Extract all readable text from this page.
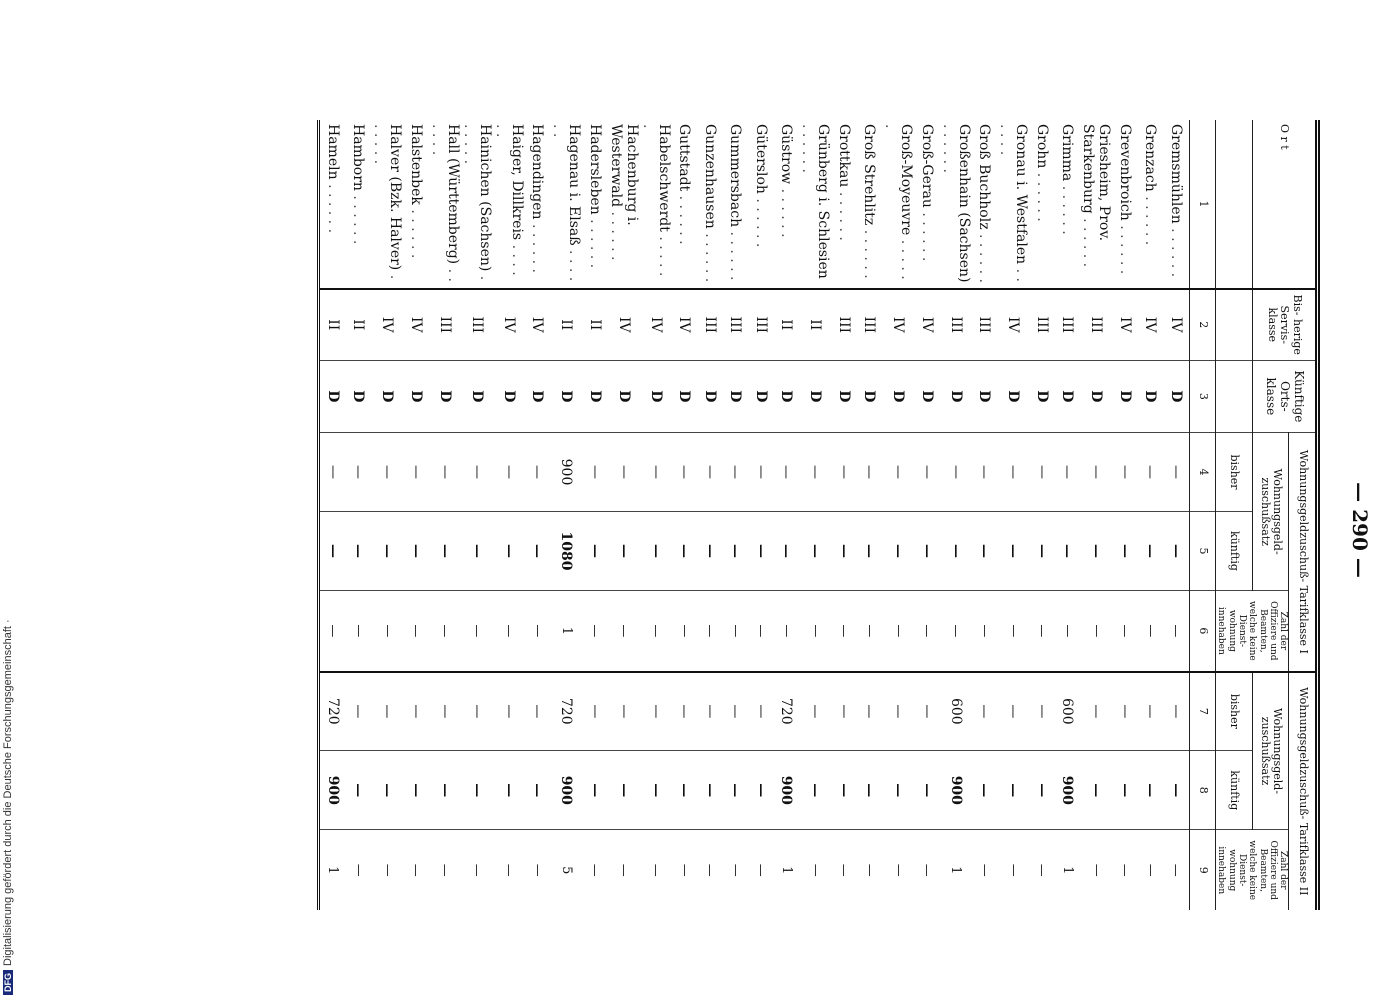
— 290 —
O r t	Bis- herige Servis- klasse	Künftige Orts- klasse	Wohnungsgeldzuschuß- Tarifklasse I			Wohnungsgeldzuschuß- Tarifklasse II		
			Wohnungsgeld- zuschußsatz		Zahl der Offiziere und Beamten, welche keine Dienst- wohnung innehaben	Wohnungsgeld- zuschußsatz		Zahl der Offiziere und Beamten, welche keine Dienst- wohnung innehaben
			bisher	künftig		bisher	künftig	
1	2	3	4	5	6	7	8	9
Gremsmühlen . . . . . .	IV	D	—	—	—	—	—	—
Grenzach . . . . . .	IV	D	—	—	—	—	—	—
Grevenbroich . . . . . .	IV	D	—	—	—	—	—	—
Griesheim, Prov. Starkenburg . . . . . .	III	D	—	—	—	—	—	—
Grimma . . . . . .	III	D	—	—	—	600	900	1
Grohn . . . . . .	III	D	—	—	—	—	—	—
Gronau i. Westfalen . . . . . .	IV	D	—	—	—	—	—	—
Groß Buchholz . . . . . .	III	D	—	—	—	—	—	—
Großenhain (Sachsen) . . . . . .	III	D	—	—	—	600	900	1
Groß-Gerau . . . . . .	IV	D	—	—	—	—	—	—
Groß-Moyeuvre . . . . . .	IV	D	—	—	—	—	—	—
Groß Strehlitz . . . . . .	III	D	—	—	—	—	—	—
Grottkau . . . . . .	III	D	—	—	—	—	—	—
Grünberg i. Schlesien . . . . . .	II	D	—	—	—	—	—	—
Güstrow . . . . . .	II	D	—	—	—	720	900	1
Gütersloh . . . . . .	III	D	—	—	—	—	—	—
Gummersbach . . . . . .	III	D	—	—	—	—	—	—
Gunzenhausen . . . . . .	III	D	—	—	—	—	—	—
Guttstadt . . . . . .	IV	D	—	—	—	—	—	—
Habelschwerdt . . . . . .	IV	D	—	—	—	—	—	—
Hachenburg i. Westerwald . . . . . .	IV	D	—	—	—	—	—	—
Hadersleben . . . . . .	II	D	—	—	—	—	—	—
Hagenau i. Elsaß . . . . . .	II	D	900	1080	1	720	900	5
Hagendingen . . . . . .	IV	D	—	—	—	—	—	—
Haiger, Dillkreis . . . . . .	IV	D	—	—	—	—	—	—
Hainichen (Sachsen) . . . . . .	III	D	—	—	—	—	—	—
Hall (Württemberg) . . . . . .	III	D	—	—	—	—	—	—
Halstenbek . . . . . .	IV	D	—	—	—	—	—	—
Halver (Bzk. Halver) . . . . . .	IV	D	—	—	—	—	—	—
Hamborn . . . . . .	II	D	—	—	—	—	—	—
Hameln . . . . . .	II	D	—	—	—	720	900	1
DFGDigitalisierung gefördert durch die Deutsche Forschungsgemeinschaft ·
